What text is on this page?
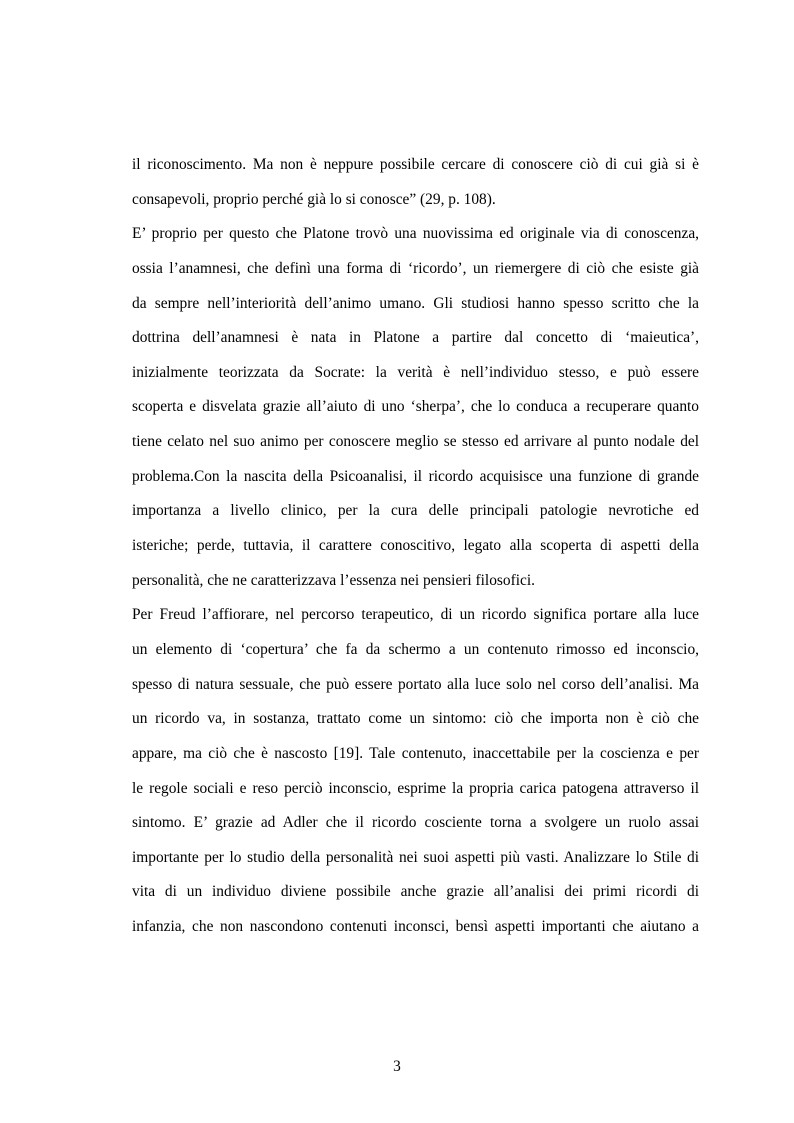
il riconoscimento. Ma non è neppure possibile cercare di conoscere ciò di cui già si è
consapevoli, proprio perché già lo si conosce” (29, p. 108).
E’ proprio per questo che Platone trovò una nuovissima ed originale via di conoscenza,
ossia l’anamnesi, che definì una forma di ‘ricordo’, un riemergere di ciò che esiste già
da sempre nell’interiorità dell’animo umano. Gli studiosi hanno spesso scritto che la
dottrina dell’anamnesi è nata in Platone a partire dal concetto di ‘maieutica’,
inizialmente teorizzata da Socrate: la verità è nell’individuo stesso, e può essere
scoperta e disvelata grazie all’aiuto di uno ‘sherpa’, che lo conduca a recuperare quanto
tiene celato nel suo animo per conoscere meglio se stesso ed arrivare al punto nodale del
problema.Con la nascita della Psicoanalisi, il ricordo acquisisce una funzione di grande
importanza a livello clinico, per la cura delle principali patologie nevrotiche ed
isteriche; perde, tuttavia, il carattere conoscitivo, legato alla scoperta di aspetti della
personalità, che ne caratterizzava l’essenza nei pensieri filosofici.
Per Freud l’affiorare, nel percorso terapeutico, di un ricordo significa portare alla luce
un elemento di ‘copertura’ che fa da schermo a un contenuto rimosso ed inconscio,
spesso di natura sessuale, che può essere portato alla luce solo nel corso dell’analisi. Ma
un ricordo va, in sostanza, trattato come un sintomo: ciò che importa non è ciò che
appare, ma ciò che è nascosto [19]. Tale contenuto, inaccettabile per la coscienza e per
le regole sociali e reso perciò inconscio, esprime la propria carica patogena attraverso il
sintomo. E’ grazie ad Adler che il ricordo cosciente torna a svolgere un ruolo assai
importante per lo studio della personalità nei suoi aspetti più vasti. Analizzare lo Stile di
vita di un individuo diviene possibile anche grazie all’analisi dei primi ricordi di
infanzia, che non nascondono contenuti inconsci, bensì aspetti importanti che aiutano a
3
